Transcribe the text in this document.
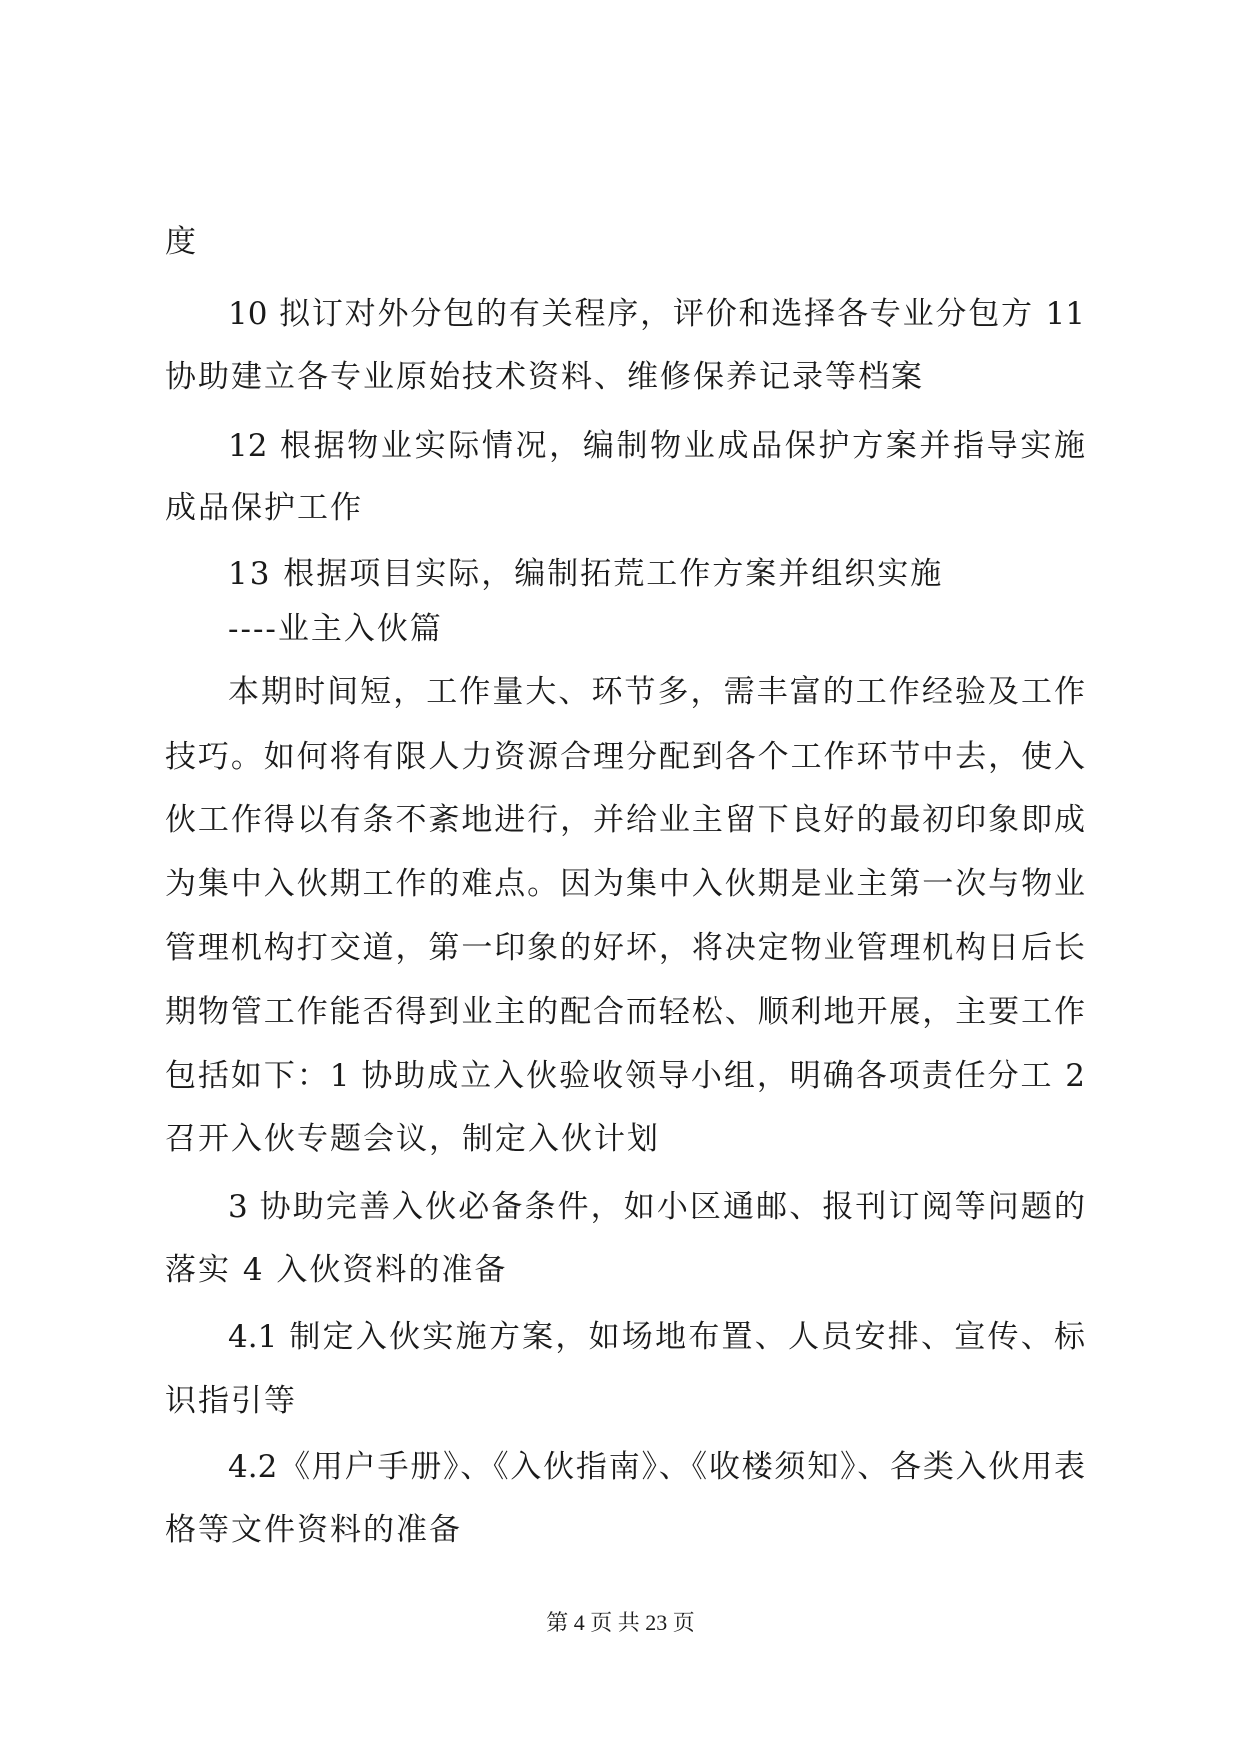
度
10 拟订对外分包的有关程序，评价和选择各专业分包方 11
协助建立各专业原始技术资料、维修保养记录等档案
12 根据物业实际情况，编制物业成品保护方案并指导实施
成品保护工作
13 根据项目实际，编制拓荒工作方案并组织实施
----业主入伙篇
本期时间短，工作量大、环节多，需丰富的工作经验及工作
技巧。如何将有限人力资源合理分配到各个工作环节中去，使入
伙工作得以有条不紊地进行，并给业主留下良好的最初印象即成
为集中入伙期工作的难点。因为集中入伙期是业主第一次与物业
管理机构打交道，第一印象的好坏，将决定物业管理机构日后长
期物管工作能否得到业主的配合而轻松、顺利地开展，主要工作
包括如下：1 协助成立入伙验收领导小组，明确各项责任分工 2
召开入伙专题会议，制定入伙计划
3 协助完善入伙必备条件，如小区通邮、报刊订阅等问题的
落实 4 入伙资料的准备
4.1 制定入伙实施方案，如场地布置、人员安排、宣传、标
识指引等
4.2《用户手册》、《入伙指南》、《收楼须知》、各类入伙用表
格等文件资料的准备
第 4 页 共 23 页
